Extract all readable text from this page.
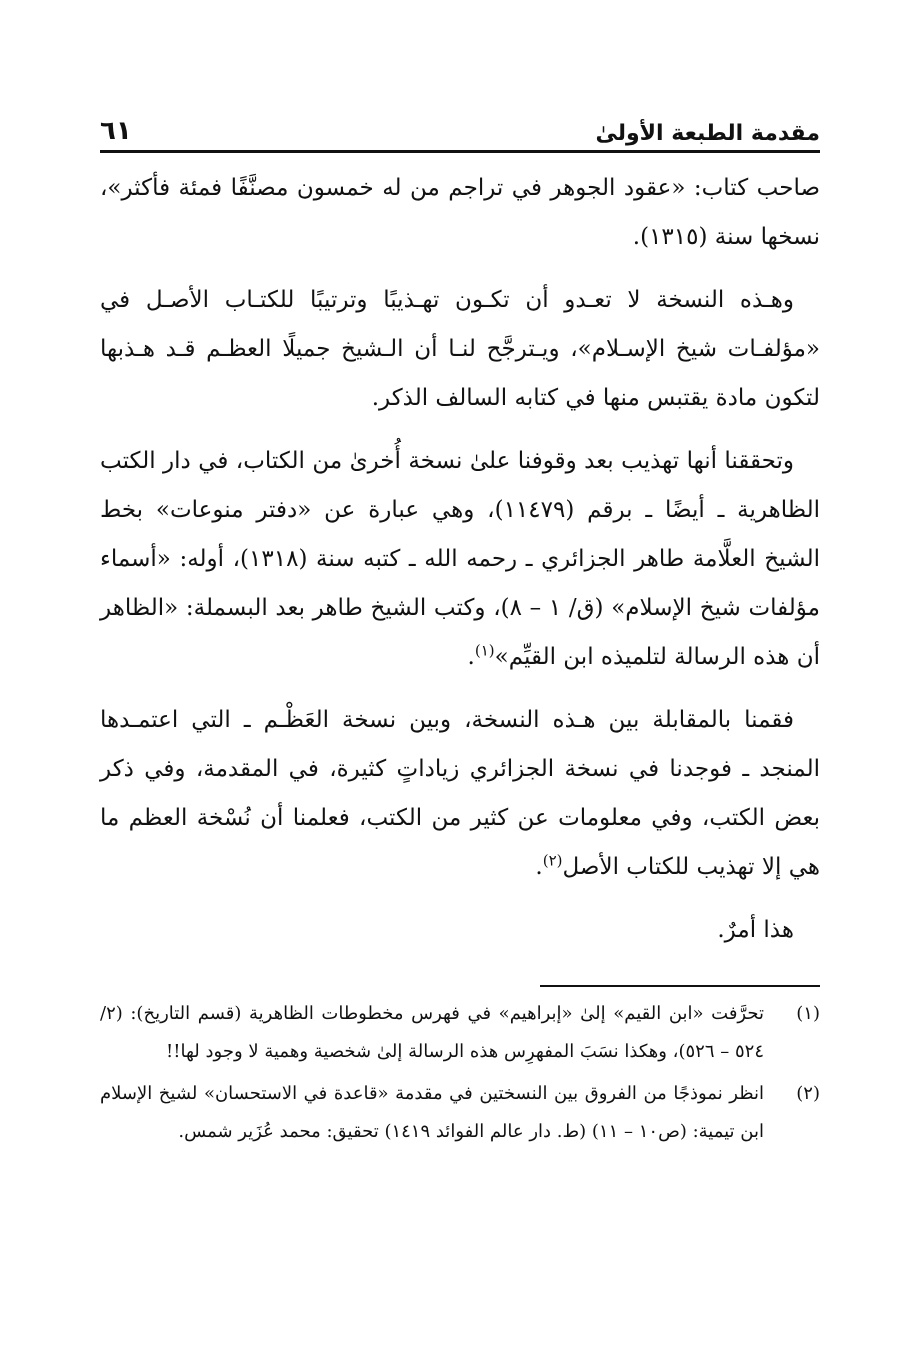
مقدمة الطبعة الأولىٰ
٦١

صاحب كتاب: «عقود الجوهر في تراجم من له خمسون مصنَّفًا فمئة فأكثر»، نسخها سنة (١٣١٥).

وهـذه النسخة لا تعـدو أن تكـون تهـذيبًا وترتيبًا للكتـاب الأصـل في «مؤلفـات شيخ الإسـلام»، ويـترجَّح لنـا أن الـشيخ جميلًا العظـم قـد هـذبها لتكون مادة يقتبس منها في كتابه السالف الذكر.

وتحققنا أنها تهذيب بعد وقوفنا علىٰ نسخة أُخرىٰ من الكتاب، في دار الكتب الظاهرية ـ أيضًا ـ برقم (١١٤٧٩)، وهي عبارة عن «دفتر منوعات» بخط الشيخ العلَّامة طاهر الجزائري ـ رحمه الله ـ كتبه سنة (١٣١٨)، أوله: «أسماء مؤلفات شيخ الإسلام» (ق/ ١ – ٨)، وكتب الشيخ طاهر بعد البسملة: «الظاهر أن هذه الرسالة لتلميذه ابن القيِّم»$^{(١)}$.

فقمنا بالمقابلة بين هـذه النسخة، وبين نسخة العَظْـم ـ التي اعتمـدها المنجد ـ فوجدنا في نسخة الجزائري زياداتٍ كثيرة، في المقدمة، وفي ذكر بعض الكتب، وفي معلومات عن كثير من الكتب، فعلمنا أن نُسْخة العظم ما هي إلا تهذيب للكتاب الأصل$^{(٢)}$.

هذا أمرٌ.

(١)
تحرَّفت «ابن القيم» إلىٰ «إبراهيم» في فهرس مخطوطات الظاهرية (قسم التاريخ): (٢/ ٥٢٤ – ٥٢٦)، وهكذا نسَبَ المفهرِس هذه الرسالة إلىٰ شخصية وهمية لا وجود لها!!
(٢)
انظر نموذجًا من الفروق بين النسختين في مقدمة «قاعدة في الاستحسان» لشيخ الإسلام ابن تيمية: (ص١٠ – ١١) (ط. دار عالم الفوائد ١٤١٩) تحقيق: محمد عُزَير شمس.
